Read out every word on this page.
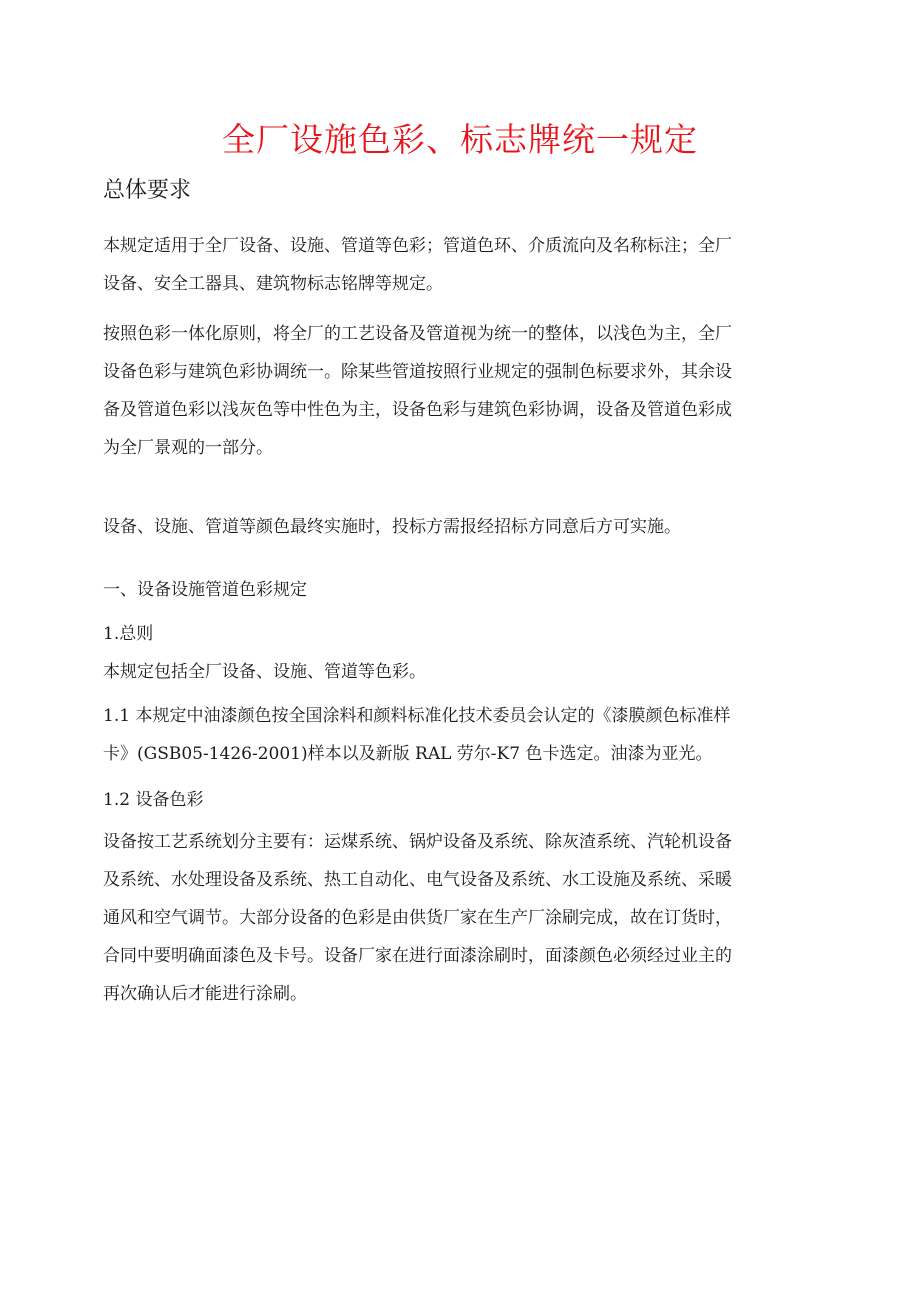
全厂设施色彩、标志牌统一规定
总体要求
本规定适用于全厂设备、设施、管道等色彩；管道色环、介质流向及名称标注；全厂
设备、安全工器具、建筑物标志铭牌等规定。
按照色彩一体化原则，将全厂的工艺设备及管道视为统一的整体，以浅色为主，全厂
设备色彩与建筑色彩协调统一。除某些管道按照行业规定的强制色标要求外，其余设
备及管道色彩以浅灰色等中性色为主，设备色彩与建筑色彩协调，设备及管道色彩成
为全厂景观的一部分。
设备、设施、管道等颜色最终实施时，投标方需报经招标方同意后方可实施。
一、设备设施管道色彩规定
1.总则
本规定包括全厂设备、设施、管道等色彩。
1.1 本规定中油漆颜色按全国涂料和颜料标准化技术委员会认定的《漆膜颜色标准样
卡》(GSB05-1426-2001)样本以及新版 RAL 劳尔-K7 色卡选定。油漆为亚光。
1.2 设备色彩
设备按工艺系统划分主要有：运煤系统、锅炉设备及系统、除灰渣系统、汽轮机设备
及系统、水处理设备及系统、热工自动化、电气设备及系统、水工设施及系统、采暖
通风和空气调节。大部分设备的色彩是由供货厂家在生产厂涂刷完成，故在订货时，
合同中要明确面漆色及卡号。设备厂家在进行面漆涂刷时，面漆颜色必须经过业主的
再次确认后才能进行涂刷。
